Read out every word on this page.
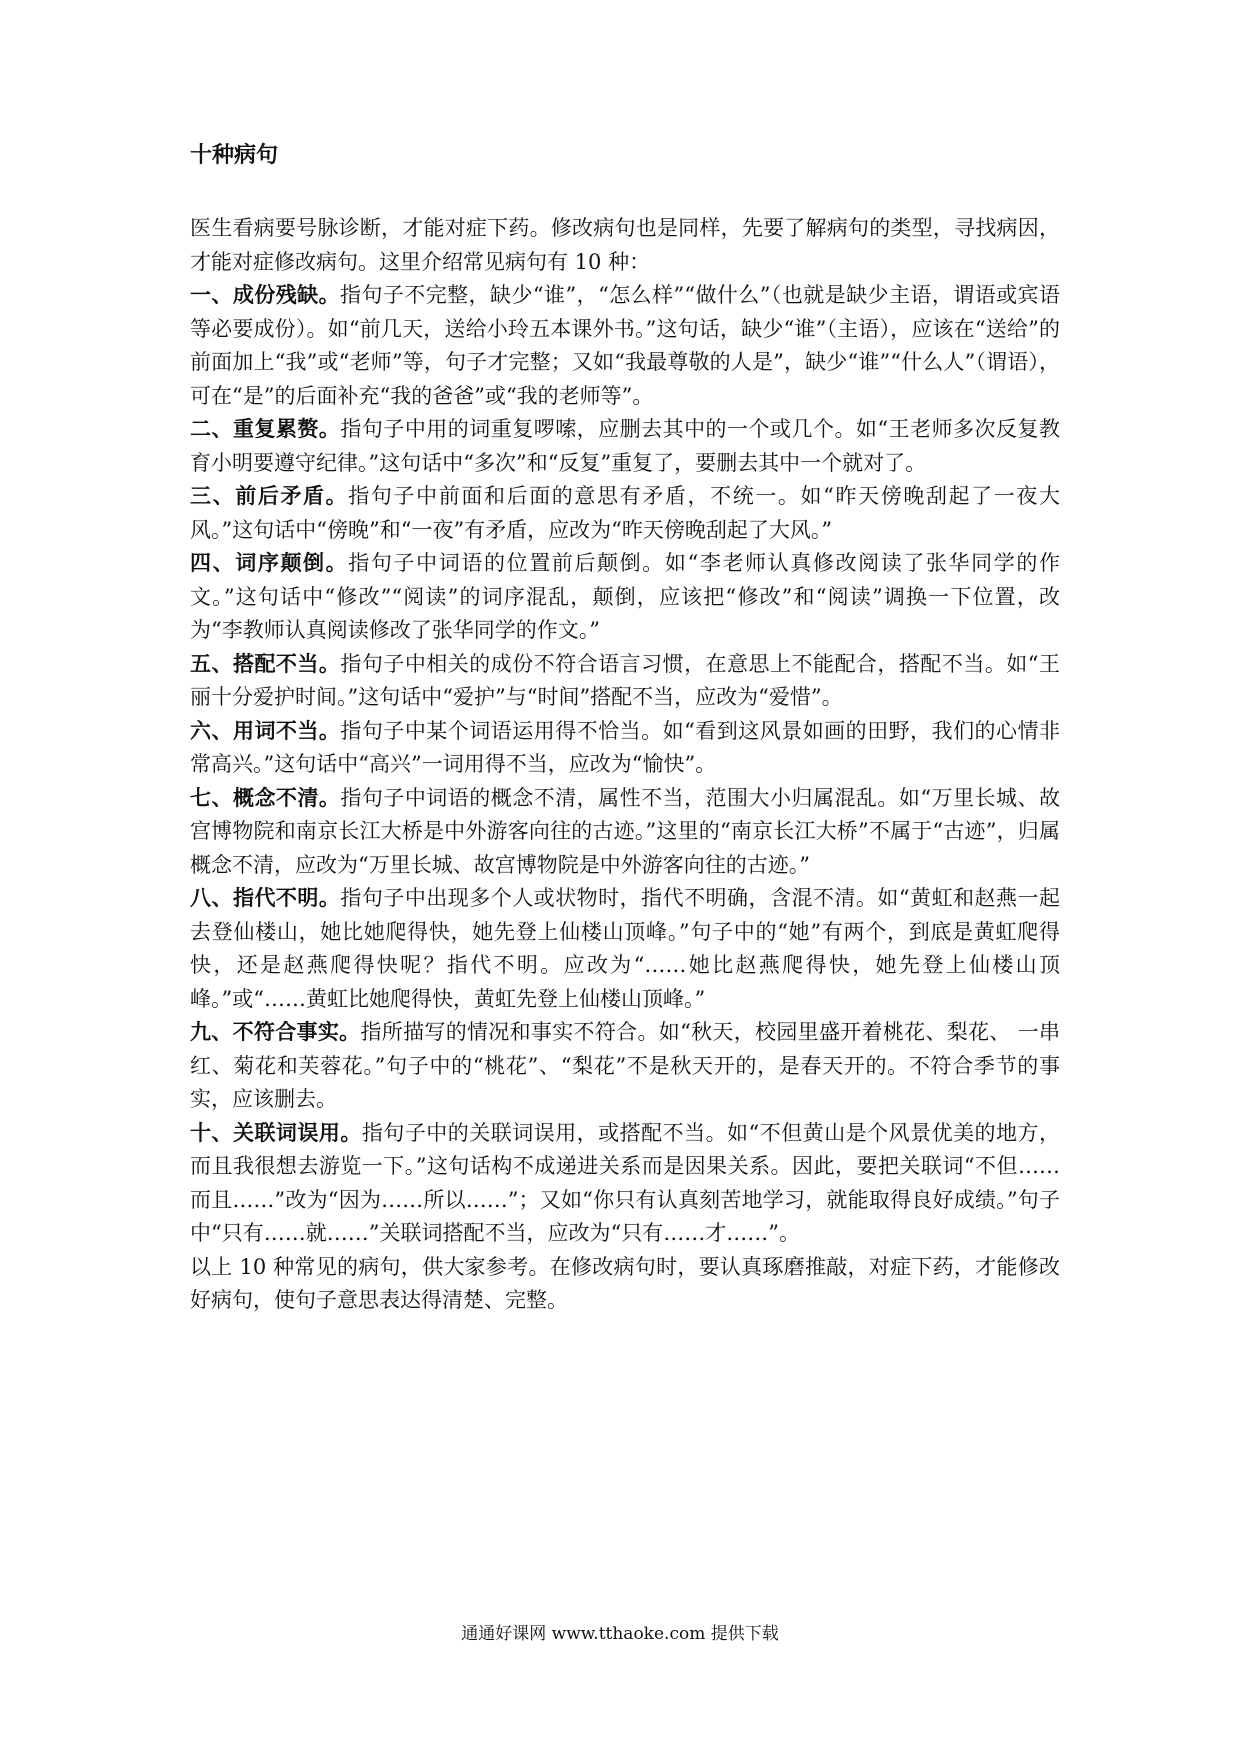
十种病句

医生看病要号脉诊断，才能对症下药。修改病句也是同样，先要了解病句的类型，寻找病因，才能对症修改病句。这里介绍常见病句有 10 种：

一、成份残缺。指句子不完整，缺少“谁”，“怎么样”“做什么”（也就是缺少主语，谓语或宾语等必要成份）。如“前几天，送给小玲五本课外书。”这句话，缺少“谁”（主语），应该在“送给”的前面加上“我”或“老师”等，句子才完整；又如“我最尊敬的人是”，缺少“谁”“什么人”（谓语），可在“是”的后面补充“我的爸爸”或“我的老师等”。

二、重复累赘。指句子中用的词重复啰嗦，应删去其中的一个或几个。如“王老师多次反复教育小明要遵守纪律。”这句话中“多次”和“反复”重复了，要删去其中一个就对了。

三、前后矛盾。指句子中前面和后面的意思有矛盾，不统一。如“昨天傍晚刮起了一夜大风。”这句话中“傍晚”和“一夜”有矛盾，应改为“昨天傍晚刮起了大风。”

四、词序颠倒。指句子中词语的位置前后颠倒。如“李老师认真修改阅读了张华同学的作文。”这句话中“修改”“阅读”的词序混乱，颠倒，应该把“修改”和“阅读”调换一下位置，改为“李教师认真阅读修改了张华同学的作文。”

五、搭配不当。指句子中相关的成份不符合语言习惯，在意思上不能配合，搭配不当。如“王丽十分爱护时间。”这句话中“爱护”与“时间”搭配不当，应改为“爱惜”。

六、用词不当。指句子中某个词语运用得不恰当。如“看到这风景如画的田野，我们的心情非常高兴。”这句话中“高兴”一词用得不当，应改为“愉快”。

七、概念不清。指句子中词语的概念不清，属性不当，范围大小归属混乱。如“万里长城、故宫博物院和南京长江大桥是中外游客向往的古迹。”这里的“南京长江大桥”不属于“古迹”，归属概念不清，应改为“万里长城、故宫博物院是中外游客向往的古迹。”

八、指代不明。指句子中出现多个人或状物时，指代不明确，含混不清。如“黄虹和赵燕一起去登仙楼山，她比她爬得快，她先登上仙楼山顶峰。”句子中的“她”有两个，到底是黄虹爬得快，还是赵燕爬得快呢？指代不明。应改为“……她比赵燕爬得快，她先登上仙楼山顶峰。”或“……黄虹比她爬得快，黄虹先登上仙楼山顶峰。”

九、不符合事实。指所描写的情况和事实不符合。如“秋天，校园里盛开着桃花、梨花、 一串红、菊花和芙蓉花。”句子中的“桃花”、“梨花”不是秋天开的，是春天开的。不符合季节的事实，应该删去。

十、关联词误用。指句子中的关联词误用，或搭配不当。如“不但黄山是个风景优美的地方，而且我很想去游览一下。”这句话构不成递进关系而是因果关系。因此，要把关联词“不但……而且……”改为“因为……所以……”；又如“你只有认真刻苦地学习，就能取得良好成绩。”句子中“只有……就……”关联词搭配不当，应改为“只有……才……”。

以上 10 种常见的病句，供大家参考。在修改病句时，要认真琢磨推敲，对症下药，才能修改好病句，使句子意思表达得清楚、完整。

通通好课网 www.tthaoke.com 提供下载
